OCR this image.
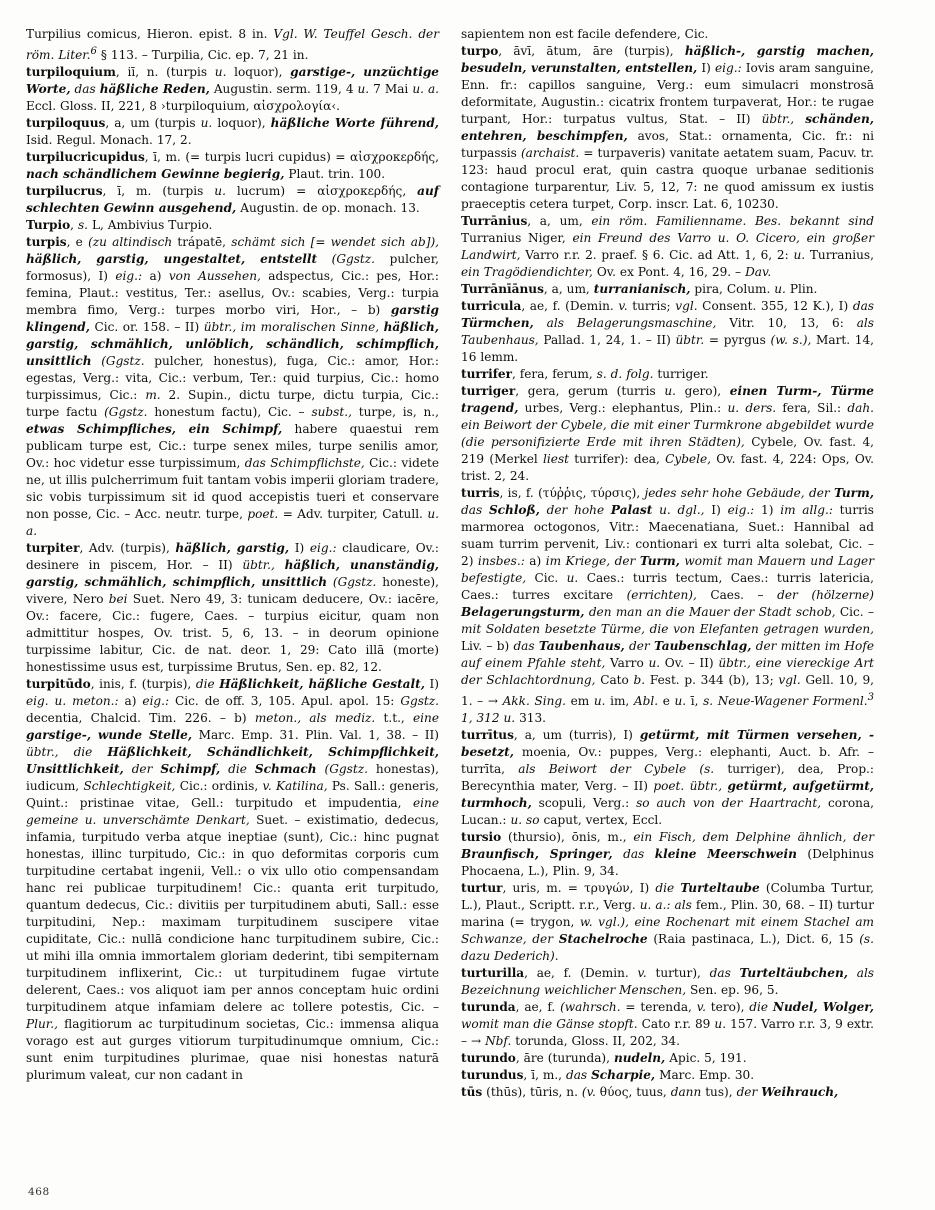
Turpilius comicus, Hieron. epist. 8 in. Vgl. W. Teuffel Gesch. der röm. Liter.$^6$ § 113. – Turpilia, Cic. ep. 7, 21 in.

turpiloquium, iī, n. (turpis u. loquor), garstige-, unzüchtige Worte, das häßliche Reden, Augustin. serm. 119, 4 u. 7 Mai u. a. Eccl. Gloss. II, 221, 8 ›turpiloquium, αἰσχρολογία‹.

turpiloquus, a, um (turpis u. loquor), häßliche Worte führend, Isid. Regul. Monach. 17, 2.

turpilucricupidus, ī, m. (= turpis lucri cupidus) = αἰσχροκερδής, nach schändlichem Gewinne begierig, Plaut. trin. 100.

turpilucrus, ī, m. (turpis u. lucrum) = αἰσχροκερδής, auf schlechten Gewinn ausgehend, Augustin. de op. monach. 13.

Turpio, s. L, Ambivius Turpio.

turpis, e (zu altindisch trápatē, schämt sich [= wendet sich ab]), häßlich, garstig, ungestaltet, entstellt (Ggstz. pulcher, formosus), I) eig.: a) von Aussehen, adspectus, Cic.: pes, Hor.: femina, Plaut.: vestitus, Ter.: asellus, Ov.: scabies, Verg.: turpia membra fimo, Verg.: turpes morbo viri, Hor., – b) garstig klingend, Cic. or. 158. – II) übtr., im moralischen Sinne, häßlich, garstig, schmählich, unlöblich, schändlich, schimpflich, unsittlich (Ggstz. pulcher, honestus), fuga, Cic.: amor, Hor.: egestas, Verg.: vita, Cic.: verbum, Ter.: quid turpius, Cic.: homo turpissimus, Cic.: m. 2. Supin., dictu turpe, dictu turpia, Cic.: turpe factu (Ggstz. honestum factu), Cic. – subst., turpe, is, n., etwas Schimpfliches, ein Schimpf, habere quaestui rem publicam turpe est, Cic.: turpe senex miles, turpe senilis amor, Ov.: hoc videtur esse turpissimum, das Schimpflichste, Cic.: videte ne, ut illis pulcherrimum fuit tantam vobis imperii gloriam tradere, sic vobis turpissimum sit id quod accepistis tueri et conservare non posse, Cic. – Acc. neutr. turpe, poet. = Adv. turpiter, Catull. u. a.

turpiter, Adv. (turpis), häßlich, garstig, I) eig.: claudicare, Ov.: desinere in piscem, Hor. – II) übtr., häßlich, unanständig, garstig, schmählich, schimpflich, unsittlich (Ggstz. honeste), vivere, Nero bei Suet. Nero 49, 3: tunicam deducere, Ov.: iacēre, Ov.: facere, Cic.: fugere, Caes. – turpius eicitur, quam non admittitur hospes, Ov. trist. 5, 6, 13. – in deorum opinione turpissime labitur, Cic. de nat. deor. 1, 29: Cato illā (morte) honestissime usus est, turpissime Brutus, Sen. ep. 82, 12.

turpitūdo, inis, f. (turpis), die Häßlichkeit, häßliche Gestalt, I) eig. u. meton.: a) eig.: Cic. de off. 3, 105. Apul. apol. 15: Ggstz. decentia, Chalcid. Tim. 226. – b) meton., als mediz. t.t., eine garstige-, wunde Stelle, Marc. Emp. 31. Plin. Val. 1, 38. – II) übtr., die Häßlichkeit, Schändlichkeit, Schimpflichkeit, Unsittlichkeit, der Schimpf, die Schmach (Ggstz. honestas), iudicum, Schlechtigkeit, Cic.: ordinis, v. Katilina, Ps. Sall.: generis, Quint.: pristinae vitae, Gell.: turpitudo et impudentia, eine gemeine u. unverschämte Denkart, Suet. – existimatio, dedecus, infamia, turpitudo verba atque ineptiae (sunt), Cic.: hinc pugnat honestas, illinc turpitudo, Cic.: in quo deformitas corporis cum turpitudine certabat ingenii, Vell.: o vix ullo otio compensandam hanc rei publicae turpitudinem! Cic.: quanta erit turpitudo, quantum dedecus, Cic.: divitiis per turpitudinem abuti, Sall.: esse turpitudini, Nep.: maximam turpitudinem suscipere vitae cupiditate, Cic.: nullā condicione hanc turpitudinem subire, Cic.: ut mihi illa omnia immortalem gloriam dederint, tibi sempiternam turpitudinem inflixerint, Cic.: ut turpitudinem fugae virtute delerent, Caes.: vos aliquot iam per annos conceptam huic ordini turpitudinem atque infamiam delere ac tollere potestis, Cic. – Plur., flagitiorum ac turpitudinum societas, Cic.: immensa aliqua vorago est aut gurges vitiorum turpitudinumque omnium, Cic.: sunt enim turpitudines plurimae, quae nisi honestas naturā plurimum valeat, cur non cadant in

sapientem non est facile defendere, Cic.

turpo, āvī, ātum, āre (turpis), häßlich-, garstig machen, besudeln, verunstalten, entstellen, I) eig.: Iovis aram sanguine, Enn. fr.: capillos sanguine, Verg.: eum simulacri monstrosā deformitate, Augustin.: cicatrix frontem turpaverat, Hor.: te rugae turpant, Hor.: turpatus vultus, Stat. – II) übtr., schänden, entehren, beschimpfen, avos, Stat.: ornamenta, Cic. fr.: ni turpassis (archaist. = turpaveris) vanitate aetatem suam, Pacuv. tr. 123: haud procul erat, quin castra quoque urbanae seditionis contagione turparentur, Liv. 5, 12, 7: ne quod amissum ex iustis praeceptis cetera turpet, Corp. inscr. Lat. 6, 10230.

Turrānius, a, um, ein röm. Familienname. Bes. bekannt sind Turranius Niger, ein Freund des Varro u. O. Cicero, ein großer Landwirt, Varro r.r. 2. praef. § 6. Cic. ad Att. 1, 6, 2: u. Turranius, ein Tragödiendichter, Ov. ex Pont. 4, 16, 29. – Dav.

Turrānīānus, a, um, turranianisch, pira, Colum. u. Plin.

turricula, ae, f. (Demin. v. turris; vgl. Consent. 355, 12 K.), I) das Türmchen, als Belagerungsmaschine, Vitr. 10, 13, 6: als Taubenhaus, Pallad. 1, 24, 1. – II) übtr. = pyrgus (w. s.), Mart. 14, 16 lemm.

turrifer, fera, ferum, s. d. folg. turriger.

turriger, gera, gerum (turris u. gero), einen Turm-, Türme tragend, urbes, Verg.: elephantus, Plin.: u. ders. fera, Sil.: dah. ein Beiwort der Cybele, die mit einer Turmkrone abgebildet wurde (die personifizierte Erde mit ihren Städten), Cybele, Ov. fast. 4, 219 (Merkel liest turrifer): dea, Cybele, Ov. fast. 4, 224: Ops, Ov. trist. 2, 24.

turris, is, f. (τύῤῥις, τύρσις), jedes sehr hohe Gebäude, der Turm, das Schloß, der hohe Palast u. dgl., I) eig.: 1) im allg.: turris marmorea octogonos, Vitr.: Maecenatiana, Suet.: Hannibal ad suam turrim pervenit, Liv.: contionari ex turri alta solebat, Cic. – 2) insbes.: a) im Kriege, der Turm, womit man Mauern und Lager befestigte, Cic. u. Caes.: turris tectum, Caes.: turris latericia, Caes.: turres excitare (errichten), Caes. – der (hölzerne) Belagerungsturm, den man an die Mauer der Stadt schob, Cic. – mit Soldaten besetzte Türme, die von Elefanten getragen wurden, Liv. – b) das Taubenhaus, der Taubenschlag, der mitten im Hofe auf einem Pfahle steht, Varro u. Ov. – II) übtr., eine viereckige Art der Schlachtordnung, Cato b. Fest. p. 344 (b), 13; vgl. Gell. 10, 9, 1. – → Akk. Sing. em u. im, Abl. e u. ī, s. Neue-Wagener Formenl.$^3$ 1, 312 u. 313.

turrītus, a, um (turris), I) getürmt, mit Türmen versehen, -besetzt, moenia, Ov.: puppes, Verg.: elephanti, Auct. b. Afr. – turrīta, als Beiwort der Cybele (s. turriger), dea, Prop.: Berecynthia mater, Verg. – II) poet. übtr., getürmt, aufgetürmt, turmhoch, scopuli, Verg.: so auch von der Haartracht, corona, Lucan.: u. so caput, vertex, Eccl.

tursio (thursio), ōnis, m., ein Fisch, dem Delphine ähnlich, der Braunfisch, Springer, das kleine Meerschwein (Delphinus Phocaena, L.), Plin. 9, 34.

turtur, uris, m. = τρυγών, I) die Turteltaube (Columba Turtur, L.), Plaut., Scriptt. r.r., Verg. u. a.: als fem., Plin. 30, 68. – II) turtur marina (= trygon, w. vgl.), eine Rochenart mit einem Stachel am Schwanze, der Stachelroche (Raia pastinaca, L.), Dict. 6, 15 (s. dazu Dederich).

turturilla, ae, f. (Demin. v. turtur), das Turteltäubchen, als Bezeichnung weichlicher Menschen, Sen. ep. 96, 5.

turunda, ae, f. (wahrsch. = terenda, v. tero), die Nudel, Wolger, womit man die Gänse stopft. Cato r.r. 89 u. 157. Varro r.r. 3, 9 extr. – → Nbf. torunda, Gloss. II, 202, 34.

turundo, āre (turunda), nudeln, Apic. 5, 191.

turundus, ī, m., das Scharpie, Marc. Emp. 30.

tūs (thūs), tūris, n. (v. θύος, tuus, dann tus), der Weihrauch,

468
